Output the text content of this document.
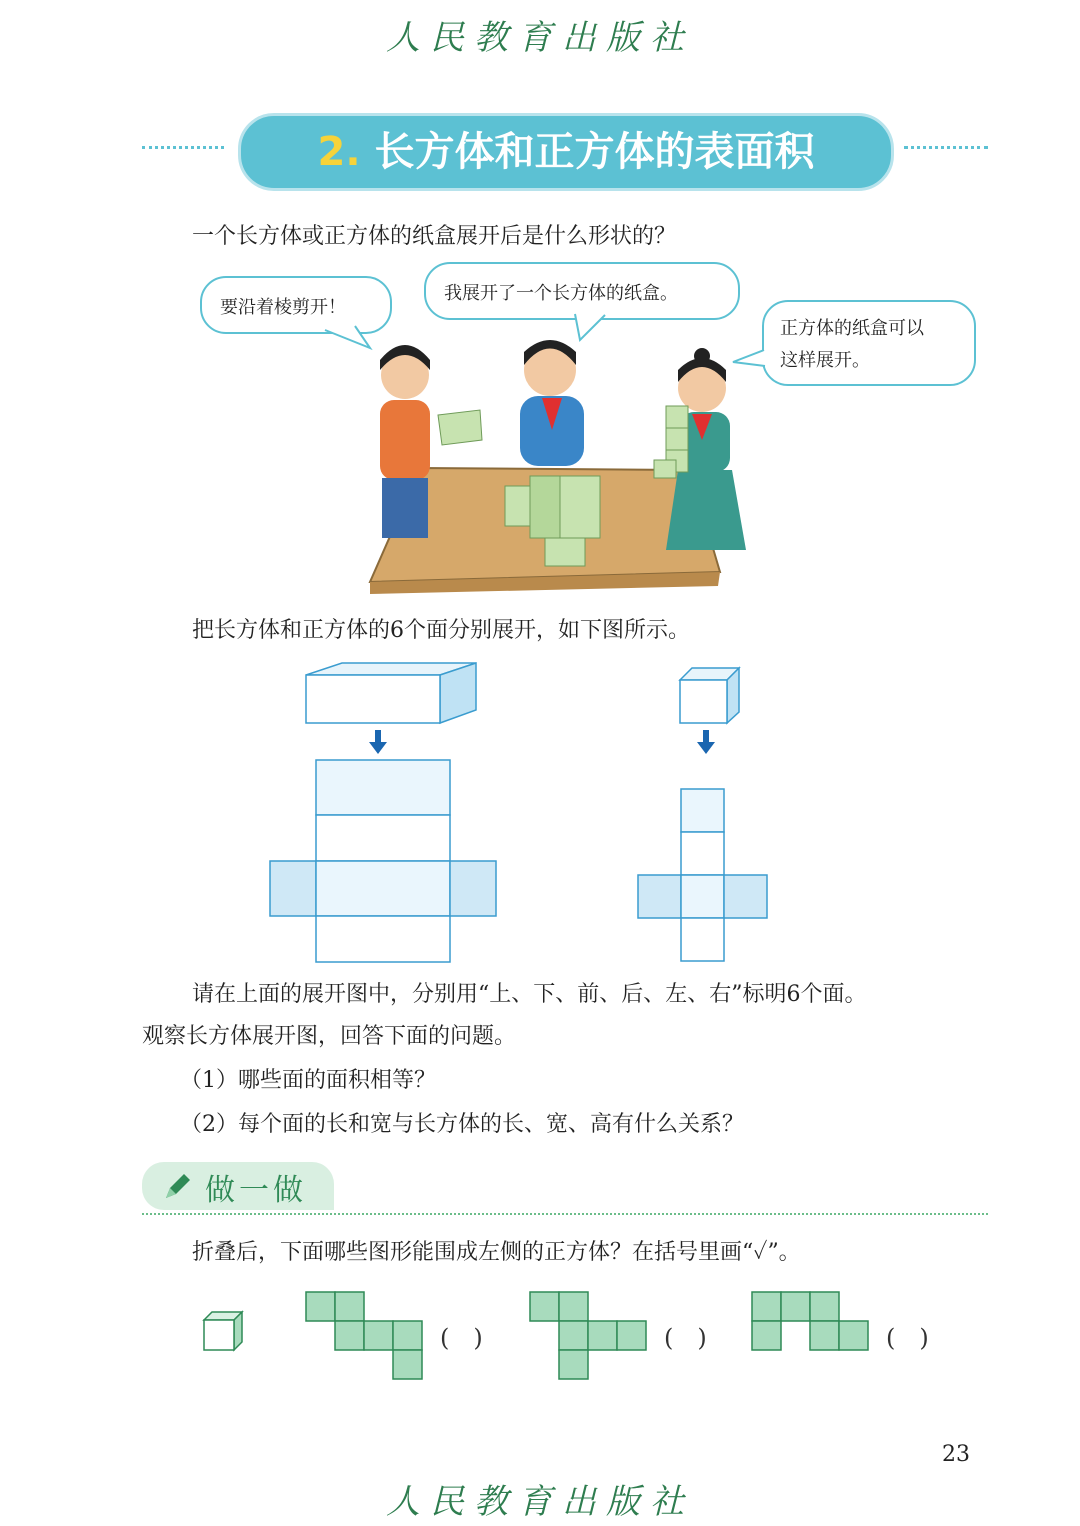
人民教育出版社
2. 长方体和正方体的表面积
一个长方体或正方体的纸盒展开后是什么形状的？
要沿着棱剪开！
我展开了一个长方体的纸盒。
正方体的纸盒可以
这样展开。
把长方体和正方体的6个面分别展开，如下图所示。
请在上面的展开图中，分别用“上、下、前、后、左、右”标明6个面。
观察长方体展开图，回答下面的问题。
（1）哪些面的面积相等？
（2）每个面的长和宽与长方体的长、宽、高有什么关系？
做一做
折叠后，下面哪些图形能围成左侧的正方体？在括号里画“✓”。
(　)	(　)	(　)
23
人民教育出版社
